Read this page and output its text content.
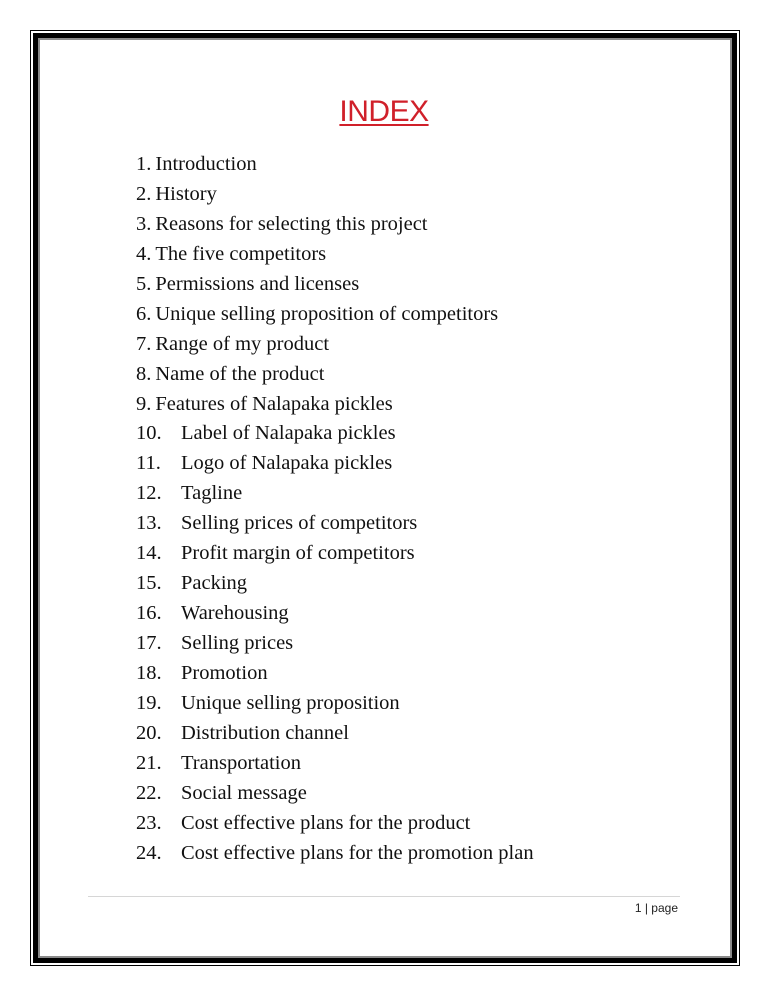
INDEX
1. Introduction
2. History
3. Reasons for selecting this project
4. The five competitors
5. Permissions and licenses
6. Unique selling proposition of competitors
7. Range of my product
8. Name of the product
9. Features of Nalapaka pickles
10. Label of Nalapaka pickles
11. Logo of Nalapaka pickles
12. Tagline
13. Selling prices of competitors
14. Profit margin of competitors
15. Packing
16. Warehousing
17. Selling prices
18. Promotion
19. Unique selling proposition
20. Distribution channel
21. Transportation
22. Social message
23. Cost effective plans for the product
24. Cost effective plans for the promotion plan
1 | page
